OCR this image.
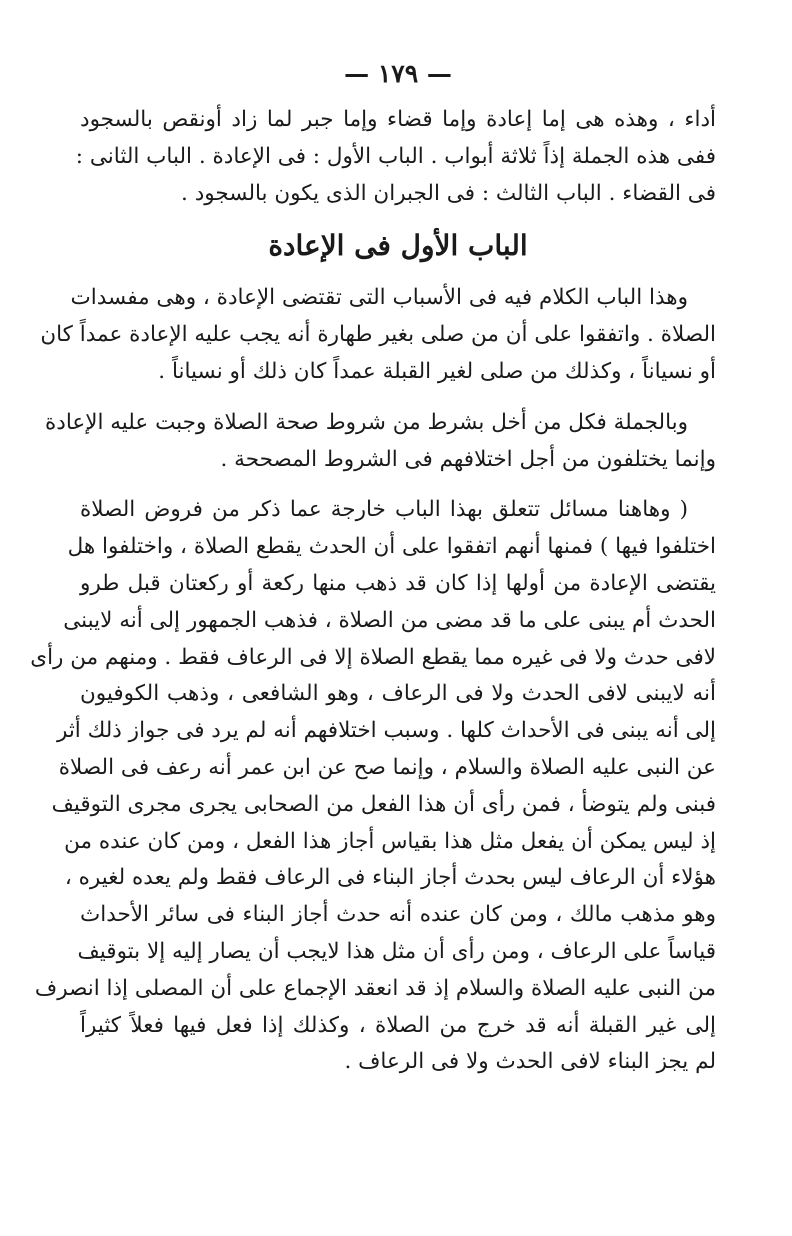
— ١٧٩ —
أداء ، وهذه هى إما إعادة وإما قضاء وإما جبر لما زاد أونقص بالسجود
ففى هذه الجملة إذاً ثلاثة أبواب . الباب الأول : فى الإعادة . الباب الثانى :
فى القضاء . الباب الثالث : فى الجبران الذى يكون بالسجود .
الباب الأول فى الإعادة
وهذا الباب الكلام فيه فى الأسباب التى تقتضى الإعادة ، وهى مفسدات
الصلاة . واتفقوا على أن من صلى بغير طهارة أنه يجب عليه الإعادة عمداً كان
أو نسياناً ، وكذلك من صلى لغير القبلة عمداً كان ذلك أو نسياناً .
وبالجملة فكل من أخل بشرط من شروط صحة الصلاة وجبت عليه الإعادة
وإنما يختلفون من أجل اختلافهم فى الشروط المصححة .
( وهاهنا مسائل تتعلق بهذا الباب خارجة عما ذكر من فروض الصلاة
اختلفوا فيها ) فمنها أنهم اتفقوا على أن الحدث يقطع الصلاة ، واختلفوا هل
يقتضى الإعادة من أولها إذا كان قد ذهب منها ركعة أو ركعتان قبل طرو
الحدث أم يبنى على ما قد مضى من الصلاة ، فذهب الجمهور إلى أنه لايبنى
لافى حدث ولا فى غيره مما يقطع الصلاة إلا فى الرعاف فقط . ومنهم من رأى
أنه لايبنى لافى الحدث ولا فى الرعاف ، وهو الشافعى ، وذهب الكوفيون
إلى أنه يبنى فى الأحداث كلها . وسبب اختلافهم أنه لم يرد فى جواز ذلك أثر
عن النبى عليه الصلاة والسلام ، وإنما صح عن ابن عمر أنه رعف فى الصلاة
فبنى ولم يتوضأ ، فمن رأى أن هذا الفعل من الصحابى يجرى مجرى التوقيف
إذ ليس يمكن أن يفعل مثل هذا بقياس أجاز هذا الفعل ، ومن كان عنده من
هؤلاء أن الرعاف ليس بحدث أجاز البناء فى الرعاف فقط ولم يعده لغيره ،
وهو مذهب مالك ، ومن كان عنده أنه حدث أجاز البناء فى سائر الأحداث
قياساً على الرعاف ، ومن رأى أن مثل هذا لايجب أن يصار إليه إلا بتوقيف
من النبى عليه الصلاة والسلام إذ قد انعقد الإجماع على أن المصلى إذا انصرف
إلى غير القبلة أنه قد خرج من الصلاة ، وكذلك إذا فعل فيها فعلاً كثيراً
لم يجز البناء لافى الحدث ولا فى الرعاف .
